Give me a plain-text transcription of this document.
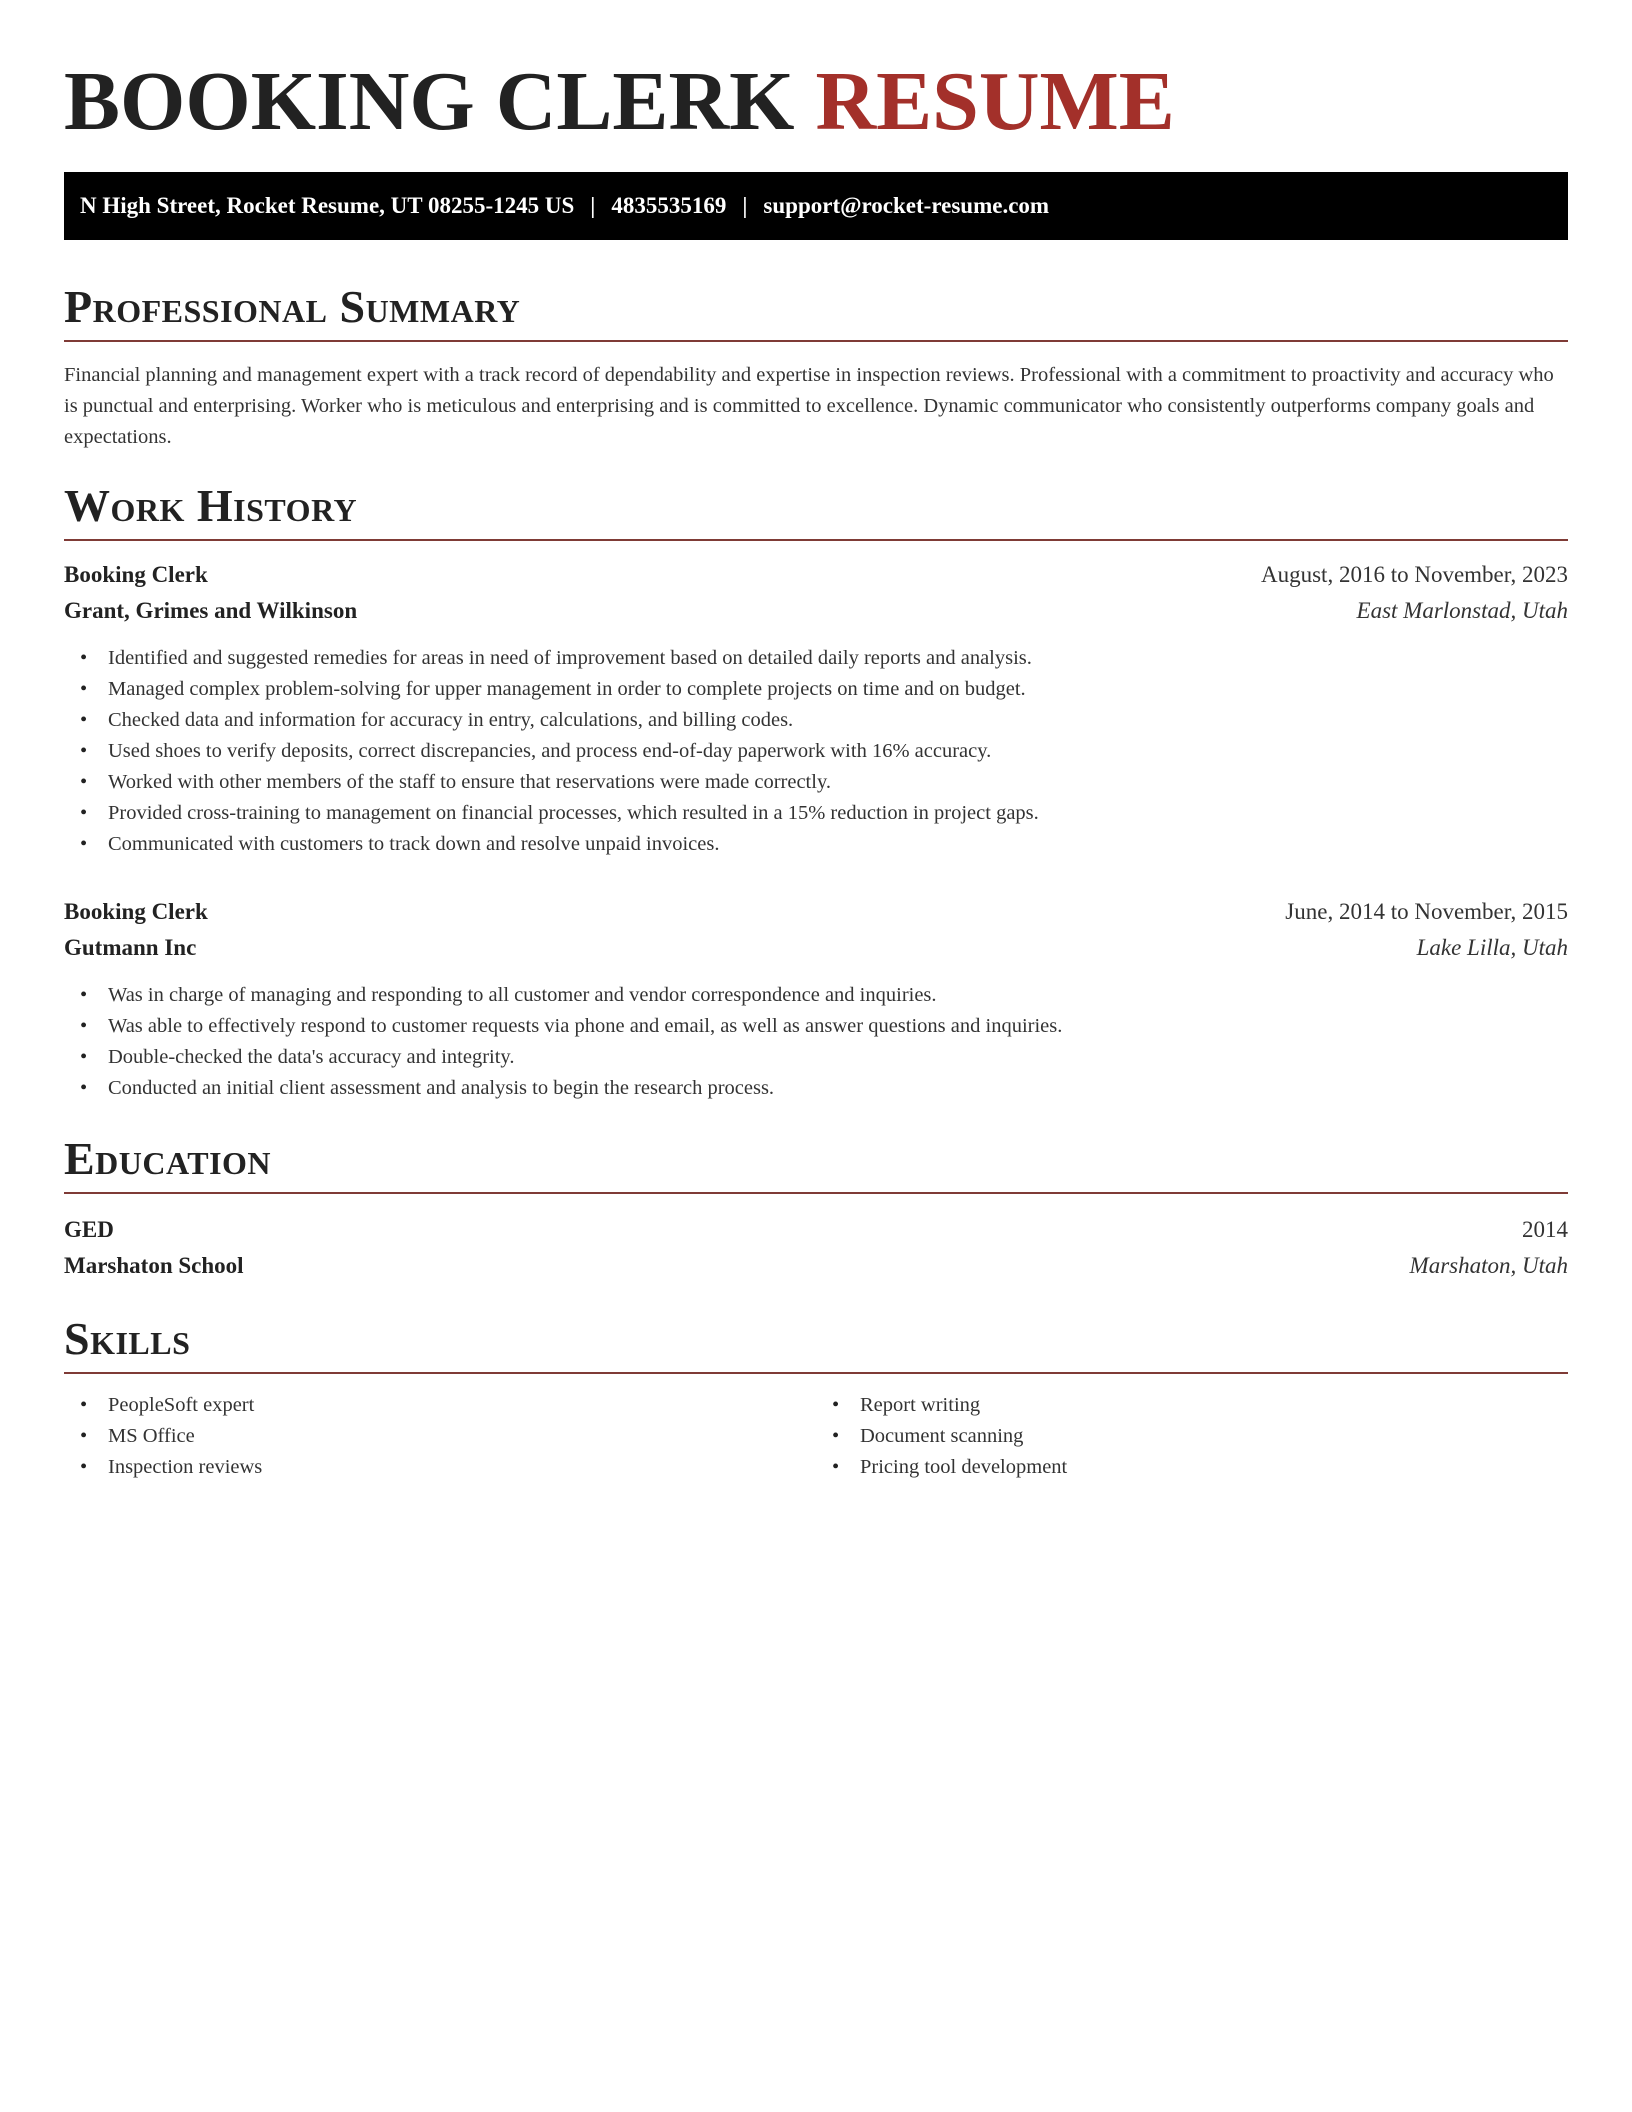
BOOKING CLERK RESUME
N High Street, Rocket Resume, UT 08255-1245 US | 4835535169 | support@rocket-resume.com
Professional Summary

Financial planning and management expert with a track record of dependability and expertise in inspection reviews. Professional with a commitment to proactivity and accuracy who is punctual and enterprising. Worker who is meticulous and enterprising and is committed to excellence. Dynamic communicator who consistently outperforms company goals and expectations.

Work History
Booking Clerk	August, 2016 to November, 2023
Grant, Grimes and Wilkinson	East Marlonstad, Utah
• Identified and suggested remedies for areas in need of improvement based on detailed daily reports and analysis.
• Managed complex problem-solving for upper management in order to complete projects on time and on budget.
• Checked data and information for accuracy in entry, calculations, and billing codes.
• Used shoes to verify deposits, correct discrepancies, and process end-of-day paperwork with 16% accuracy.
• Worked with other members of the staff to ensure that reservations were made correctly.
• Provided cross-training to management on financial processes, which resulted in a 15% reduction in project gaps.
• Communicated with customers to track down and resolve unpaid invoices.
Booking Clerk	June, 2014 to November, 2015
Gutmann Inc	Lake Lilla, Utah
• Was in charge of managing and responding to all customer and vendor correspondence and inquiries.
• Was able to effectively respond to customer requests via phone and email, as well as answer questions and inquiries.
• Double-checked the data's accuracy and integrity.
• Conducted an initial client assessment and analysis to begin the research process.
Education
GED	2014
Marshaton School	Marshaton, Utah
Skills
• PeopleSoft expert
• MS Office
• Inspection reviews
• Report writing
• Document scanning
• Pricing tool development
